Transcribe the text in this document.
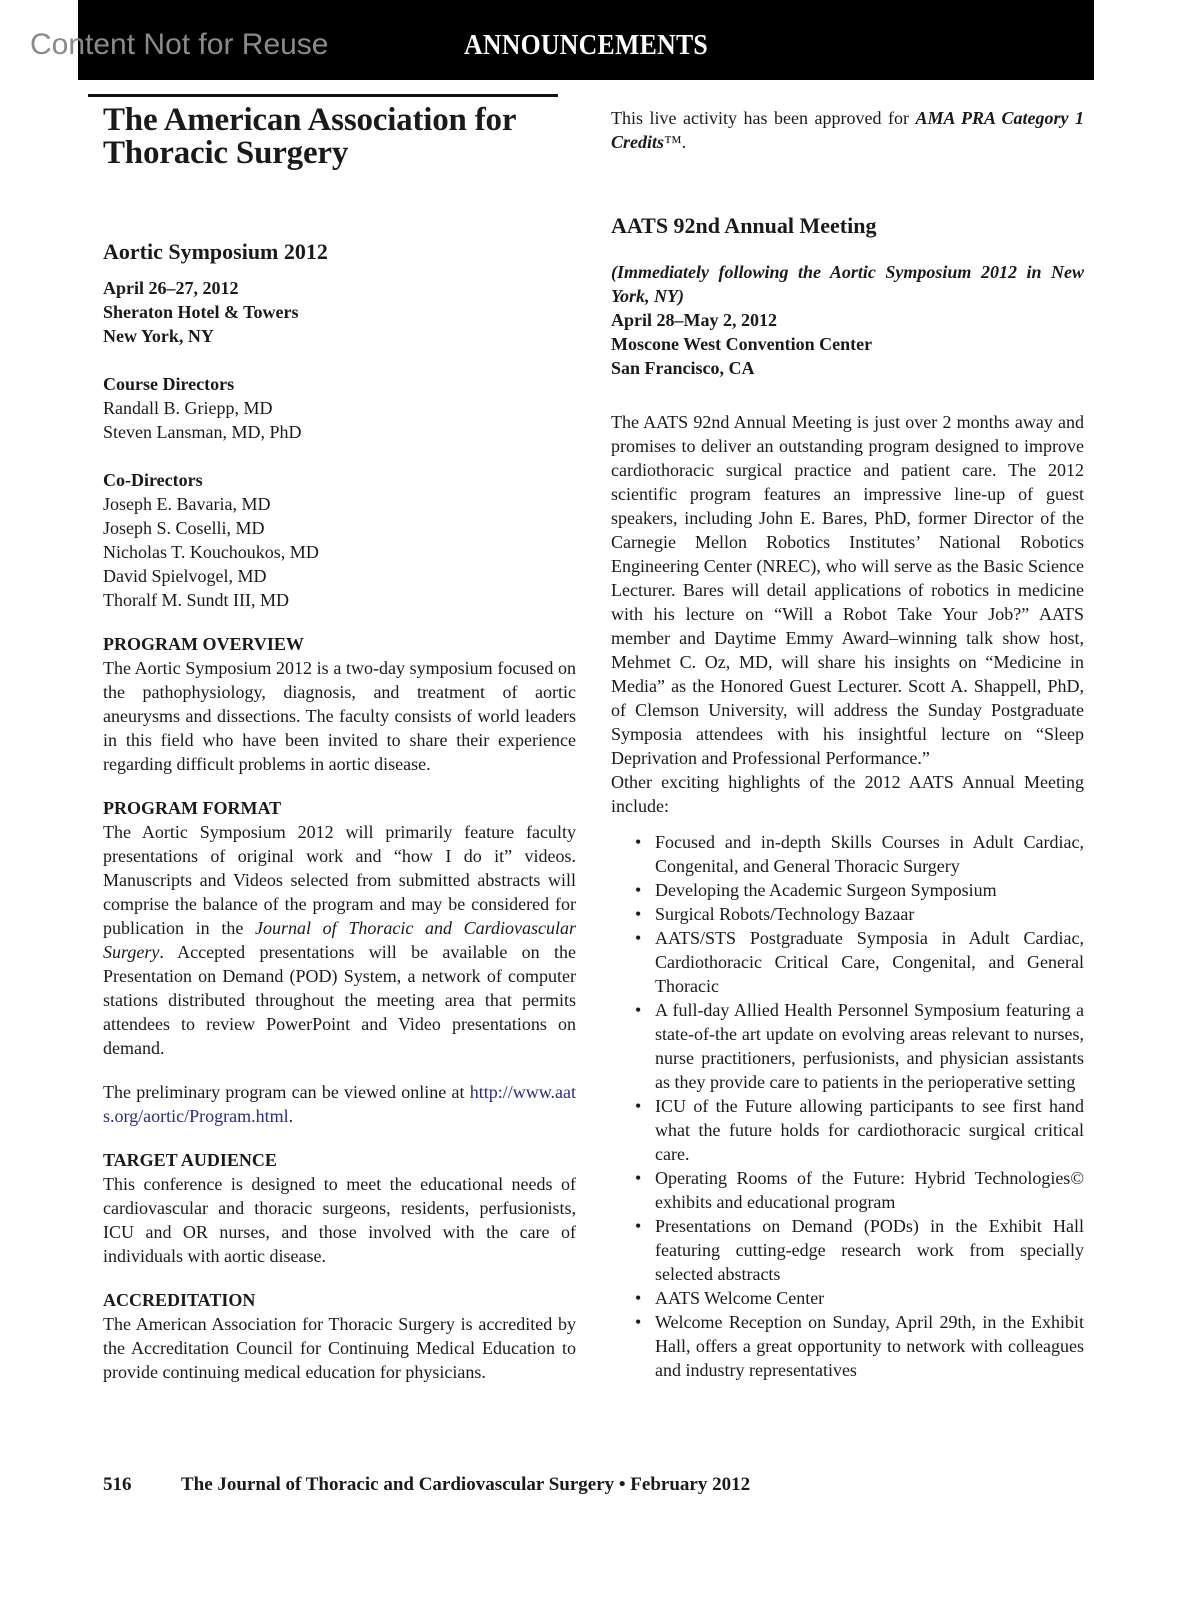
ANNOUNCEMENTS
Content Not for Reuse
The American Association for
Thoracic Surgery
Aortic Symposium 2012
April 26–27, 2012
Sheraton Hotel & Towers
New York, NY
Course Directors
Randall B. Griepp, MD
Steven Lansman, MD, PhD
Co-Directors
Joseph E. Bavaria, MD
Joseph S. Coselli, MD
Nicholas T. Kouchoukos, MD
David Spielvogel, MD
Thoralf M. Sundt III, MD
PROGRAM OVERVIEW

The Aortic Symposium 2012 is a two-day symposium focused on the pathophysiology, diagnosis, and treatment of aortic aneurysms and dissections. The faculty consists of world leaders in this field who have been invited to share their experience regarding difficult problems in aortic disease.

PROGRAM FORMAT

The Aortic Symposium 2012 will primarily feature faculty presentations of original work and “how I do it” videos. Manuscripts and Videos selected from submitted abstracts will comprise the balance of the program and may be considered for publication in the Journal of Thoracic and Cardiovascular Surgery. Accepted presentations will be available on the Presentation on Demand (POD) System, a network of computer stations distributed throughout the meeting area that permits attendees to review PowerPoint and Video presentations on demand.

The preliminary program can be viewed online at http://www.aats.org/aortic/Program.html.

TARGET AUDIENCE

This conference is designed to meet the educational needs of cardiovascular and thoracic surgeons, residents, perfusionists, ICU and OR nurses, and those involved with the care of individuals with aortic disease.

ACCREDITATION

The American Association for Thoracic Surgery is accredited by the Accreditation Council for Continuing Medical Education to provide continuing medical education for physicians.

This live activity has been approved for AMA PRA Category 1 Credits™.

AATS 92nd Annual Meeting

(Immediately following the Aortic Symposium 2012 in New York, NY)

April 28–May 2, 2012
Moscone West Convention Center
San Francisco, CA

The AATS 92nd Annual Meeting is just over 2 months away and promises to deliver an outstanding program designed to improve cardiothoracic surgical practice and patient care. The 2012 scientific program features an impressive line-up of guest speakers, including John E. Bares, PhD, former Director of the Carnegie Mellon Robotics Institutes’ National Robotics Engineering Center (NREC), who will serve as the Basic Science Lecturer. Bares will detail applications of robotics in medicine with his lecture on “Will a Robot Take Your Job?” AATS member and Daytime Emmy Award–winning talk show host, Mehmet C. Oz, MD, will share his insights on “Medicine in Media” as the Honored Guest Lecturer. Scott A. Shappell, PhD, of Clemson University, will address the Sunday Postgraduate Symposia attendees with his insightful lecture on “Sleep Deprivation and Professional Performance.”

Other exciting highlights of the 2012 AATS Annual Meeting include:

• Focused and in-depth Skills Courses in Adult Cardiac, Congenital, and General Thoracic Surgery
• Developing the Academic Surgeon Symposium
• Surgical Robots/Technology Bazaar
• AATS/STS Postgraduate Symposia in Adult Cardiac, Cardiothoracic Critical Care, Congenital, and General Thoracic
• A full-day Allied Health Personnel Symposium featuring a state-of-the art update on evolving areas relevant to nurses, nurse practitioners, perfusionists, and physician assistants as they provide care to patients in the perioperative setting
• ICU of the Future allowing participants to see first hand what the future holds for cardiothoracic surgical critical care.
• Operating Rooms of the Future: Hybrid Technologies© exhibits and educational program
• Presentations on Demand (PODs) in the Exhibit Hall featuring cutting-edge research work from specially selected abstracts
• AATS Welcome Center
• Welcome Reception on Sunday, April 29th, in the Exhibit Hall, offers a great opportunity to network with colleagues and industry representatives
516	The Journal of Thoracic and Cardiovascular Surgery • February 2012
